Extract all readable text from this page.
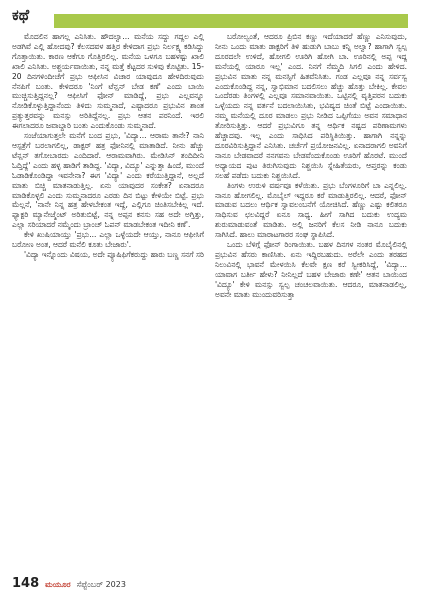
ಕಥೆ

ಮೊದಲಿನ ಹಾಗಲ್ಲ ಎನಿಸಿತು. ಹೌದಲ್ವಾ... ಮನೆಯ ಸದ್ದು ಗದ್ದಲ ಎಲ್ಲಿ ಅಡಗಿವೆ ಎಲ್ಲಿ ಹೋದವು? ಕೆಲಸದವಳ ಹತ್ತಿರ ಕೇಳಿದಾಗ ಪ್ರಭು ನಿರ್ಲಕ್ಷ್ಯ ಕಡಿಸಿದ್ದು ಗೊತ್ತಾಯಿತು. ಕಾರಣ ಆಕೆಗೂ ಗೊತ್ತಿರಲಿಲ್ಲ. ಮನೆಯ ಒಳಗೂ ಬಹಳಷ್ಟು ಖಾಲಿ ಖಾಲಿ ಎನಿಸಿತು. ಅಶ್ಚರ್ಯವಾಯಿತು, ನನ್ನ ಮತ್ತೆ ಕೆಟ್ಟದರ ಸುಳಿವು ಕೊಟ್ಟಿತು. 15-20 ದಿನಗಳಿಂದೀಚೆಗೆ ಪ್ರಭು ಆಫೀಸಿನ ವಿಚಾರ ಯಾವುದೂ ಹೇಳದಿರುವುದು ನೆನಪಿಗೆ ಬಂತು. ಕೇಳಿದರೂ 'ನಿಂಗೆ ಟೆನ್ಷನ್ ಬೇಡ ಕಣೆ' ಎಂದು ಬಾಯಿ ಮುಚ್ಚಿಸುತ್ತಿದ್ದನಲ್ಲ? ಆಫೀಸಿಗೆ ಫೋನ್ ಮಾಡಿದ್ದೆ, ಪ್ರಭು ಎಲ್ಲವನ್ನೂ ನೋಡಿಕೊಳ್ಳುತ್ತಿದ್ದಾನೆಂದು ತಿಳಿದು ಸುಮ್ಮನಾದೆ, ಎಷ್ಟಾದರೂ ಪ್ರಭುವಿನ ಶಾಂತ ಪ್ರತ್ಯುತ್ತರವನ್ನು ಮನಸ್ಸು ಅರಿತಿದ್ದೆನಲ್ಲ. ಪ್ರಭು ಆತನ ಪರನಿಂದೆ. ಇರಲಿ ಈಗಲಾದರೂ ಜವಾಬ್ದಾರಿ ಬಂತು ಎಂದುಕೊಂಡು ಸುಮ್ಮನಾದೆ.

ಸಂಜೆಯಾಗುತ್ತಲೇ ಮನೆಗೆ ಬಂದ ಪ್ರಭು, 'ವಿದ್ಯಾ... ಆರಾಮ ತಾನೇ? ನಾನಿ ಆಸ್ಪತ್ರೆಗೆ ಬರಲಾಗಲಿಲ್ಲ, ಡಾಕ್ಟರ್ ಹತ್ರ ಫೋನಿನಲ್ಲಿ ಮಾತಾಡಿದೆ. ನೀನು ಹೆಚ್ಚು ಟೆನ್ಷನ್ ತಗೋಬಾರದು ಎಂದಿದಾರೆ. ಆರಾಮವಾಗಿರು. ಮೇಡಿಸಿನ್ ತಂದಿದೀನಿ ಓದ್ತಿದ್ದೆ' ಎಂದು ಹಳ್ಳ ಹಾಡಿಗೆ ತಾಡಿದ್ದ. 'ವಿದ್ಯಾ, ವಿದ್ಯೂ' ಎನ್ನುತ್ತಾ ಹಿಂದೆ, ಮುಂದೆ ಓಡಾಡಿಕೊಂಡಿದ್ದಾ ಇವನೇನಾ? ಈಗ 'ವಿದ್ಯಾ' ಎಂದು ಕರೆಯುತ್ತಿದ್ದಾನೆ, ಅಲ್ಲದೆ ಮಾತು ಬಿಚ್ಚಿ ಮಾತನಾಡುತ್ತಿಲ್ಲ. ಏನು ಯಾವುದರ ಸಂಕೇತ? ಏನಾದರೂ ಮಾಡಿಕೊಳ್ಳಲಿ ಎಂದು ಸುಮ್ಮನಾದರೂ ಎರಡು ದಿನ ಬಿಟ್ಟು ಕೇಳಿಯೇ ಬಿಟ್ಟೆ. ಪ್ರಭು ಮೆಲ್ಲನೆ, 'ನಾನೇ ನಿನ್ನ ಹತ್ರ ಹೇಳಬೇಕಂತ ಇದ್ದೆ, ಎಲ್ಲಿಗೂ ಚಿಂತಿಸಬೇಕಿಲ್ಲ ಇದೆ. ಫ್ಯಾಕ್ಟರಿ ಮ್ಯಾನೇಜ್ಮೆಂಟ್ ಅರಿತುಬಿಟ್ಟೆ, ನನ್ನ ಅಪ್ಪನ ಕನಸು ಸಹ ಅದೇ ಅಗ್ತಿತ್ತು, ಎಲ್ಲಾ ಸರಿಯಾದರೆ ನಮ್ಮೆಂದು ಬ್ರಾಂಚ್ ಓಪನ್ ಮಾಡಬೇಕಂತ ಇದೀನಿ ಕಣೆ'.

ಕೇಳಿ ಖುಷಿಯಾಯ್ತು 'ಪ್ರಭು... ಎಲ್ಲಾ ಒಳ್ಳೆಯದೇ ಆಯ್ತು, ನಾನೂ ಆಫೀಸಿಗೆ ಬರೋಣ ಅಂತ, ಆದರೆ ಮನೆಲಿ ಕೂತು ಬೇಜಾರು'.

'ವಿದ್ಯಾ ಇನ್ನೊಂದು ವಿಷಯ, ಅದೇ ಪ್ಯೂಷಿಫಿಗೆಕರುದ್ದು ಹಾರು ಬಣ್ಣ ಸನಗೆ ಸರಿ

ಬರೋಲ್ವಂತೆ, ಆದರೂ ಪ್ರಿಬಿನ ಕಣ್ಣು ಇದೆಯಾದರೆ ಹೆಣ್ಣು ಎನಿಸುವುದು, ನೀನು ಒಂದು ಮಾತು ಡಾಕ್ಟರಿಗೆ ತಿಳಿ ಹುಡುಗಿ ಬಾಬು ಕನ್ನಿ ಅಲ್ವಾ? ಹಾಗಾಗಿ ಸ್ವಲ್ಪ ದೂರದಲೇ ಉಳಿದೆ, ಹೋಗಲಿ ಊರಿಗಿ ಹೋಗಿ ಬಾ. ಊರಿನಲ್ಲಿ ಅಪ್ಪ ಇದ್ದ ಮನೆಯಲ್ಲಿ ಯಾರೂ ಇಲ್ಲ' ಎಂದ. ನಿನಗೆ ನೆಮ್ಮದಿ ಸಿಗಲಿ ಎಂದು ಹೇಳಿದ. ಪ್ರಭುವಿನ ಮಾತು ನನ್ನ ಮನಸ್ಸಿಗೆ ಹಿತವೆನಿಸಿತು. ಗಂಡ ಎಲ್ಲವೂ ನನ್ನ ಸರ್ವಸ್ವ ಎಂದುಕೊಂಡಿದ್ದ ನನ್ನ, ಸ್ವಾಭಿಮಾನ ಬದಲಿಸಲು ಹೆಚ್ಚು ಹೊತ್ತು ಬೇಕಿಲ್ಲ. ಕೇವಲ ಒಂದೆರಡು ತಿಂಗಳಲ್ಲಿ ಎಲ್ಲವೂ ಸಮಾನವಾಯಿತು. ಒಟ್ಟಿನಲ್ಲಿ ವೃತ್ತಿಪರನ ಬದುಕು ಒಳ್ಳೆಯದು ನನ್ನ ವರ್ತನೆ ಬದಲಾಯಿಸಿತು, ಭವಿಷ್ಯದ ಚಿಂತೆ ಬಿಟ್ಟೆ ಎಂದಾಯಿತು. ನಮ್ಮ ಮನೆಯಲ್ಲಿ ದೂರ ಮಾಡಲು ಪ್ರಭು ನೀಡಿದ ಒಪ್ಪಿಗೆಯು ಅವನ ಸಮಾಧಾನ ತೋರಿಸುತ್ತಿತ್ತು. ಆದರೆ ಪ್ರಭುವಿಗೂ ತನ್ನ ಆರ್ಥಿಕ ನಷ್ಟದ ಪರಿಣಾಮಗಳು ಹೆಚ್ಚಾದವು. ಇಲ್ಲ ಎಂದು ಸಾಧಿಸಿದ ಪರಿಸ್ಥಿತಿಯಿತ್ತು. ಹಾಗಾಗಿ ನನ್ನನ್ನು ದೂರವಿರಿಸುತ್ತಿದ್ದಾನೆ ಎನಿಸಿತು. ಚರ್ಚೆಗೆ ಪ್ರಯೋಜನವಿಲ್ಲ. ಏನಾದರಾಗಲಿ ಅವನಿಗೆ ನಾನೂ ಬೇಡವಾದರೆ ನನಗವನು ಬೇಡವೆಂದುಕೊಂಡು ಊರಿಗೆ ಹೊರಟೆ. ಮುಂದೆ ಅಧ್ಯಾಯದ ಪುಟ ತಿರುಗಿಸುವುದು ನಿಶ್ಚಯಿಸಿ ಸ್ನೇಹಿತೆಯರು, ಆಪ್ತರನ್ನು ಕಂಡು ಸಲಹೆ ಪಡೆದು ಬದುಕು ನಿಶ್ಚಯಿಸಿದೆ.

ತಿಂಗಳು ಉರುಳಿ ವರ್ಷವೂ ಕಳೆಯಿತು. ಪ್ರಭು ಬೆಂಗಳೂರಿಗೆ ಬಾ ಎನ್ನಲಿಲ್ಲ. ನಾನೂ ಹೋಗಲಿಲ್ಲ. ಮೊಬೈಲ್ ಇದ್ದರೂ ಕರೆ ಮಾಡುತ್ತಿರಲಿಲ್ಲ. ಆದರೆ, ಫೋನ್ ಮಾಡುವ ಬದಲು ಆರ್ಥಿಕ ಸ್ವಾವಲಂಬನೆಗೆ ಯೋಚಿಸಿದೆ. ಹೆಣ್ಣು ಎಷ್ಟು ಕಲಿತರೂ ಸಾಧಿಸುವ ಛಲವಿದ್ದರೆ ಏನೂ ಸಾಧ್ಯ. ಹೀಗೆ ಸಾಗಿದ ಬದುಕು ಉದ್ಯಮ ಶುರುಮಾಡುವಂತೆ ಮಾಡಿತು. ಅಲ್ಲಿ ಜನರಿಗೆ ಕೆಲಸ ನೀಡಿ ನಾನೂ ಬದುಕು ಸಾಗಿಸಿದೆ. ಹಾಲು ಮಾರಾಟಗಾರರ ಸಂಘ ಸ್ಥಾಪಿಸಿದೆ.

ಒಂದು ಬೆಳಿಗ್ಗೆ ಫೋನ್ ರಿಂಗಾಯಿತು. ಬಹಳ ದಿನಗಳ ನಂತರ ಮೊಬೈಲಿನಲ್ಲಿ ಪ್ರಭುವಿನ ಹೆಸರು ಕಾಣಿಸಿತು. ಏನು ಇದ್ದಿರಬಹುದು. ಅರೆಲೇ ಎಂದು ತರಹದ ನಿಲುವಿನಲ್ಲಿ ಭಾವನೆ ಮೇಳಯಿಸಿ ಕೆಲವೇ ಕ್ಷಣ ಕರೆ ಸ್ವೀಕರಿಸಿದ್ದೆ, 'ವಿದ್ಯಾ... ಯಾವಾಗ ಬರ್ತೀ ಹೇಳು? ನೀನಿಲ್ಲದೆ ಬಹಳ ಬೇಜಾರು ಕಣೇ' ಆತನ ಬಾಯಿಂದ 'ವಿದ್ಯೂ' ಕೇಳಿ ಮನಸ್ಸು ಸ್ವಲ್ಪ ಚಂಚಲವಾಯಿತು. ಆದರೂ, ಮಾತನಾಡಲಿಲ್ಲ, ಅವನೇ ಮಾತು ಮುಂದುವರಿಸುತ್ತಾ

148 ಮಯೂರ ಸೆಪ್ಟೆಂಬರ್ 2023
